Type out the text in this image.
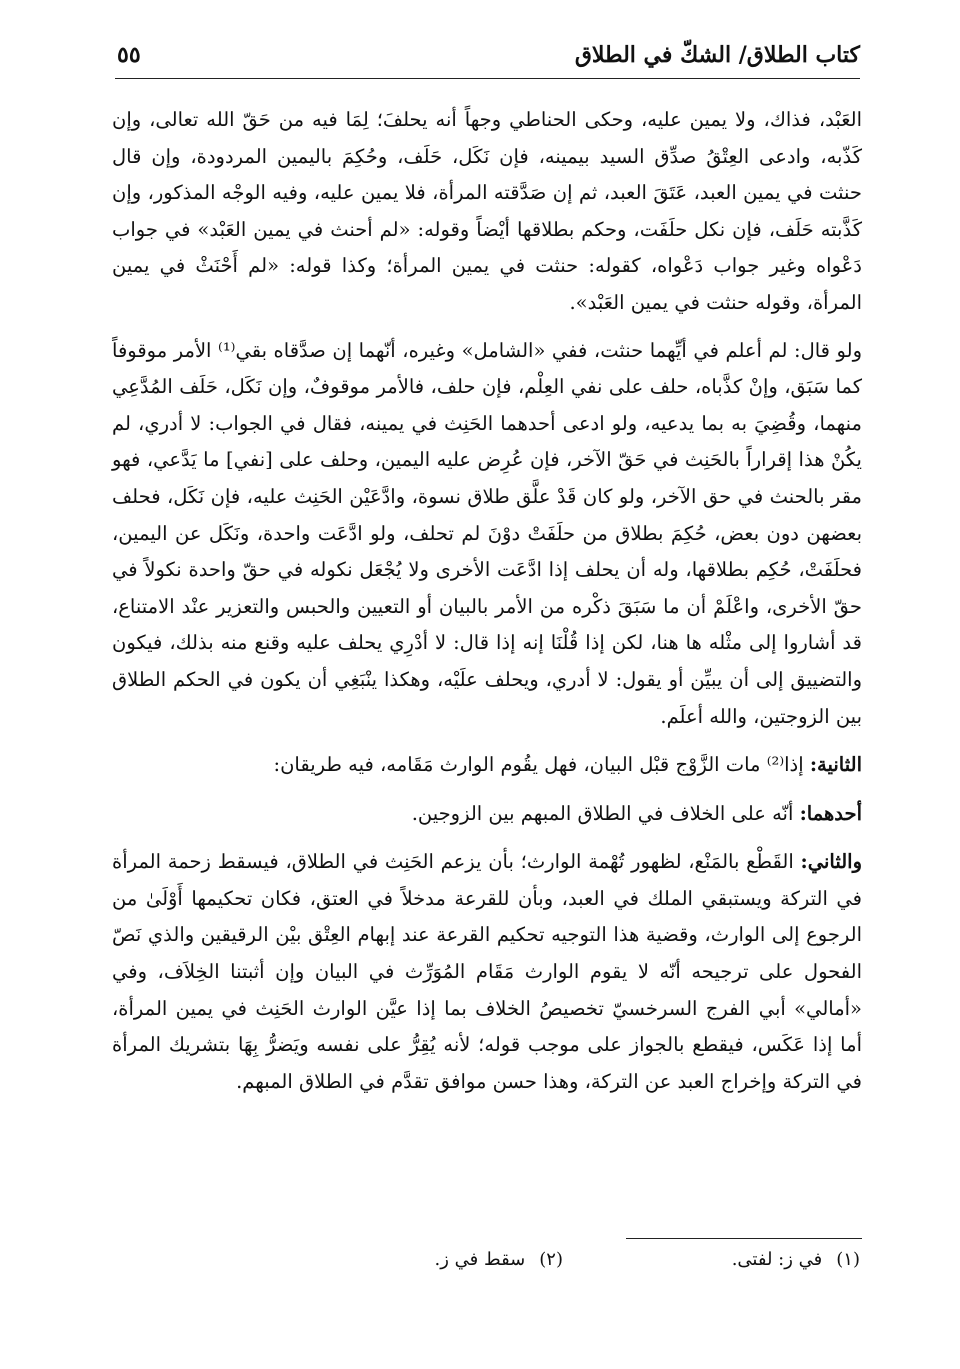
كتاب الطلاق/ الشكّ في الطلاق
٥٥

العَبْد، فذاك، ولا يمين عليه، وحكى الحناطي وجهاً أنه يحلفَ؛ لِمَا فيه من حَقّ الله تعالى، وإن كَذّبه، وادعى العِتْقُ صدِّق السيد بيمينه، فإن نَكَل، حَلَف، وحُكِمَ باليمين المردودة، وإن قال حنثت في يمين العبد، عَتَقَ العبد، ثم إن صَدَّقته المرأة، فلا يمين عليه، وفيه الوجْه المذكور، وإن كَذَّبته حَلَف، فإن نكل حلَفَت، وحكم بطلاقها أيْضاً وقوله: «لم أحنث في يمين العَبْد» في جواب دَعْواه وغير جواب دَعْواه، كقوله: حنثت في يمين المرأة؛ وكذا قوله: «لم أَحْنَثْ في يمين المرأة، وقوله حنثت في يمين العَبْد».

ولو قال: لم أعلم في أيِّهما حنثت، ففي «الشامل» وغيره، أنّهما إن صدَّقاه بقي⁽¹⁾ الأمر موقوفاً كما سَبَق، وإنْ كذَّباه، حلف على نفي العِلْم، فإن حلف، فالأمر موقوفٌ، وإن نَكَل، حَلَف المُدَّعِي منهما، وقُضِيَ به بما يدعيه، ولو ادعى أحدهما الحَنِث في يمينه، فقال في الجواب: لا أدري، لم يكُنْ هذا إقراراً بالحَنِث في حَقّ الآخر، فإن عُرِض عليه اليمين، وحلف على [نفي] ما يَدَّعي، فهو مقر بالحنث في حق الآخر، ولو كان قَدْ علَّق طلاق نسوة، وادَّعَيْن الحَنِث عليه، فإن نَكَل، فحلف بعضهن دون بعض، حُكِمَ بطلاق من حلَفَتْ دوْنَ لم تحلف، ولو ادَّعَت واحدة، ونَكَل عن اليمين، فحلَفَتْ، حُكِم بطلاقها، وله أن يحلف إذا ادَّعَت الأخرى ولا يُجْعَل نكوله في حقّ واحدة نكولاً في حقّ الأخرى، واعْلَمْ أن ما سَبَقَ ذكْره من الأمر بالبيان أو التعيين والحبس والتعزير عنْد الامتناع، قد أشاروا إلى مثْله ها هنا، لكن إذا قُلْنَا إنه إذا قال: لا أدْرِي يحلف عليه وقنع منه بذلك، فيكون والتضييق إلى أن يبيِّن أو يقول: لا أدري، ويحلف علَيْه، وهكذا ينْبَغِي أن يكون في الحكم الطلاق بين الزوجتين، والله أعلَم.

الثانية: إذا⁽²⁾ مات الزَّوْج قبْل البيان، فهل يقُوم الوارث مَقَامه، فيه طريقان:

أحدهما: أنّه على الخلاف في الطلاق المبهم بين الزوجين.

والثاني: القَطْع بالمَنْع، لظهور تُهْمة الوارث؛ بأن يزعم الحَنِث في الطلاق، فيسقط زحمة المرأة في التركة ويستبقي الملك في العبد، وبأن للقرعة مدخلاً في العتق، فكان تحكيمها أَوْلَىٰ من الرجوع إلى الوارث، وقضية هذا التوجيه تحكيم القرعة عند إبهام العِتْق بيْن الرقيقين والذي نَصّ الفحول على ترجيحه أنّه لا يقوم الوارث مَقَام المُوَرِّث في البيان وإن أثبتنا الخِلاَف، وفي «أمالي» أبي الفرج السرخسيّ تخصيصُ الخلاف بما إذا عيَّن الوارث الحَنِث في يمين المرأة، أما إذا عَكَس، فيقطع بالجواز على موجب قوله؛ لأنه يُقِرُّ على نفسه ويَضرُّ بِهَا بتشريك المرأة في التركة وإخراج العبد عن التركة، وهذا حسن موافق تقدَّم في الطلاق المبهم.

(١)في ز: لفتى.
(٢)سقط في ز.
